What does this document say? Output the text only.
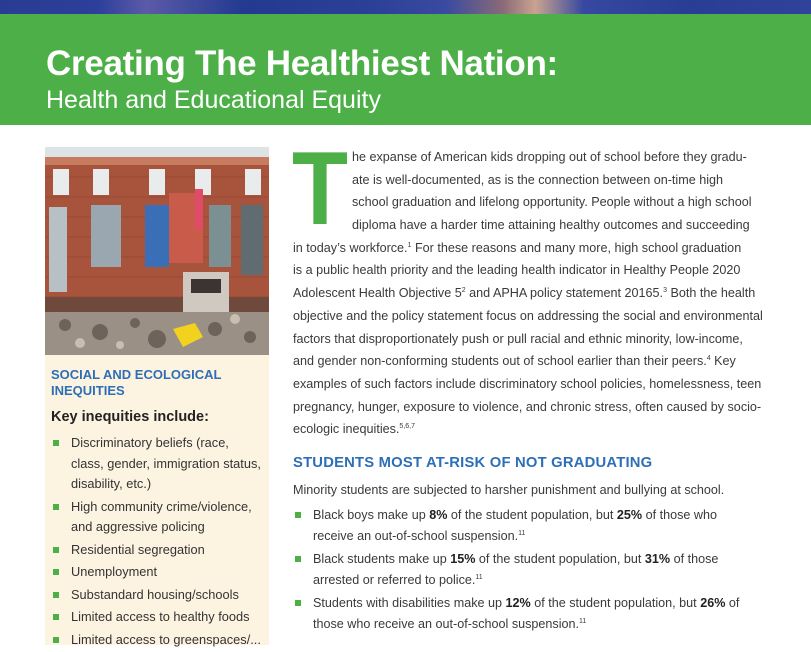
Creating The Healthiest Nation:
Health and Educational Equity
SOCIAL AND ECOLOGICAL INEQUITIES
Key inequities include:
Discriminatory beliefs (race, class, gender, immigration status, disability, etc.)
High community crime/violence, and aggressive policing
Residential segregation
Unemployment
Substandard housing/schools
Limited access to healthy foods
Limited access to greenspaces/...
T he expanse of American kids dropping out of school before they gradu-
ate is well-documented, as is the connection between on-time high
school graduation and lifelong opportunity. People without a high school
diploma have a harder time attaining healthy outcomes and succeeding
in today’s workforce.$^1$ For these reasons and many more, high school graduation
is a public health priority and the leading health indicator in Healthy People 2020
Adolescent Health Objective $5^2$ and APHA policy statement 20165.$^3$ Both the health
objective and the policy statement focus on addressing the social and environmental
factors that disproportionately push or pull racial and ethnic minority, low-income,
and gender non-conforming students out of school earlier than their peers.$^4$ Key
examples of such factors include discriminatory school policies, homelessness, teen
pregnancy, hunger, exposure to violence, and chronic stress, often caused by socio-
ecologic inequities.$^{5,6,7}$
STUDENTS MOST AT-RISK OF NOT GRADUATING
Minority students are subjected to harsher punishment and bullying at school.
Black boys make up 8% of the student population, but 25% of those who
receive an out-of-school suspension.$^{11}$
Black students make up 15% of the student population, but 31% of those
arrested or referred to police.$^{11}$
Students with disabilities make up 12% of the student population, but 26% of
those who receive an out-of-school suspension.$^{11}$
